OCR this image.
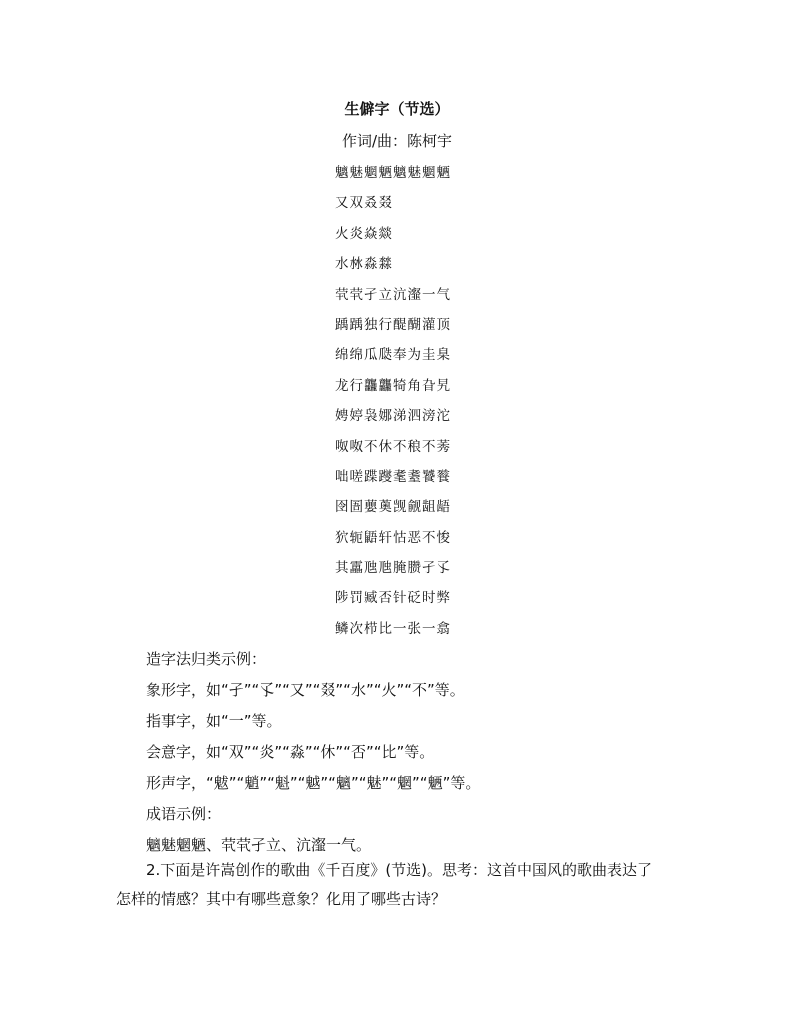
生僻字（节选）
作词/曲：陈柯宇
魑魅魍魉魑魅魍魉
又双叒叕
火炎焱燚
水沝淼㵘
茕茕孑立沆瀣一气
踽踽独行醍醐灌顶
绵绵瓜瓞奉为圭臬
龙行龘龘犄角旮旯
娉婷袅娜涕泗滂沱
呶呶不休不稂不莠
咄嗟蹀躞耄耋饕餮
囹圄蘡薁觊觎龃龉
狖轭鼯轩怙恶不悛
其靁虺虺腌臜孑孓
陟罚臧否针砭时弊
鳞次栉比一张一翕
造字法归类示例：
象形字，如“孑”“孓”“又”“叕”“水”“火”“不”等。
指事字，如“一”等。
会意字，如“双”“炎”“淼”“休”“否”“比”等。
形声字，“魃”“魈”“魁”“魆”“魑”“魅”“魍”“魉”等。
成语示例：
魑魅魍魉、茕茕孑立、沆瀣一气。

2.下面是许嵩创作的歌曲《千百度》(节选)。思考：这首中国风的歌曲表达了
怎样的情感？其中有哪些意象？化用了哪些古诗？
